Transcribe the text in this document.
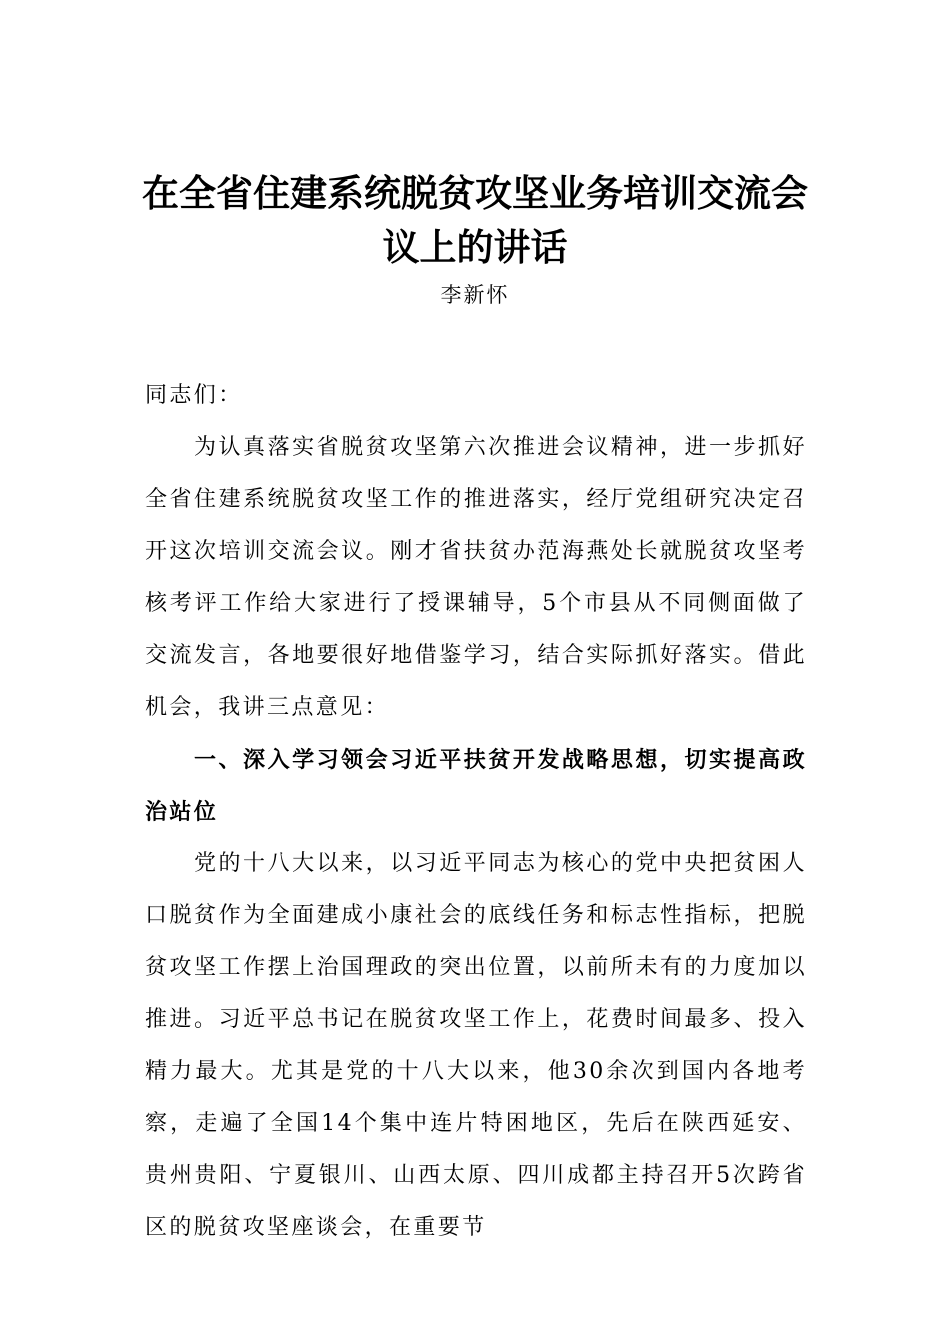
在全省住建系统脱贫攻坚业务培训交流会议上的讲话
李新怀

同志们：

为认真落实省脱贫攻坚第六次推进会议精神，进一步抓好全省住建系统脱贫攻坚工作的推进落实，经厅党组研究决定召开这次培训交流会议。刚才省扶贫办范海燕处长就脱贫攻坚考核考评工作给大家进行了授课辅导，5个市县从不同侧面做了交流发言，各地要很好地借鉴学习，结合实际抓好落实。借此机会，我讲三点意见：

一、深入学习领会习近平扶贫开发战略思想，切实提高政治站位

党的十八大以来，以习近平同志为核心的党中央把贫困人口脱贫作为全面建成小康社会的底线任务和标志性指标，把脱贫攻坚工作摆上治国理政的突出位置，以前所未有的力度加以推进。习近平总书记在脱贫攻坚工作上，花费时间最多、投入精力最大。尤其是党的十八大以来，他30余次到国内各地考察，走遍了全国14个集中连片特困地区，先后在陕西延安、贵州贵阳、宁夏银川、山西太原、四川成都主持召开5次跨省区的脱贫攻坚座谈会，在重要节
